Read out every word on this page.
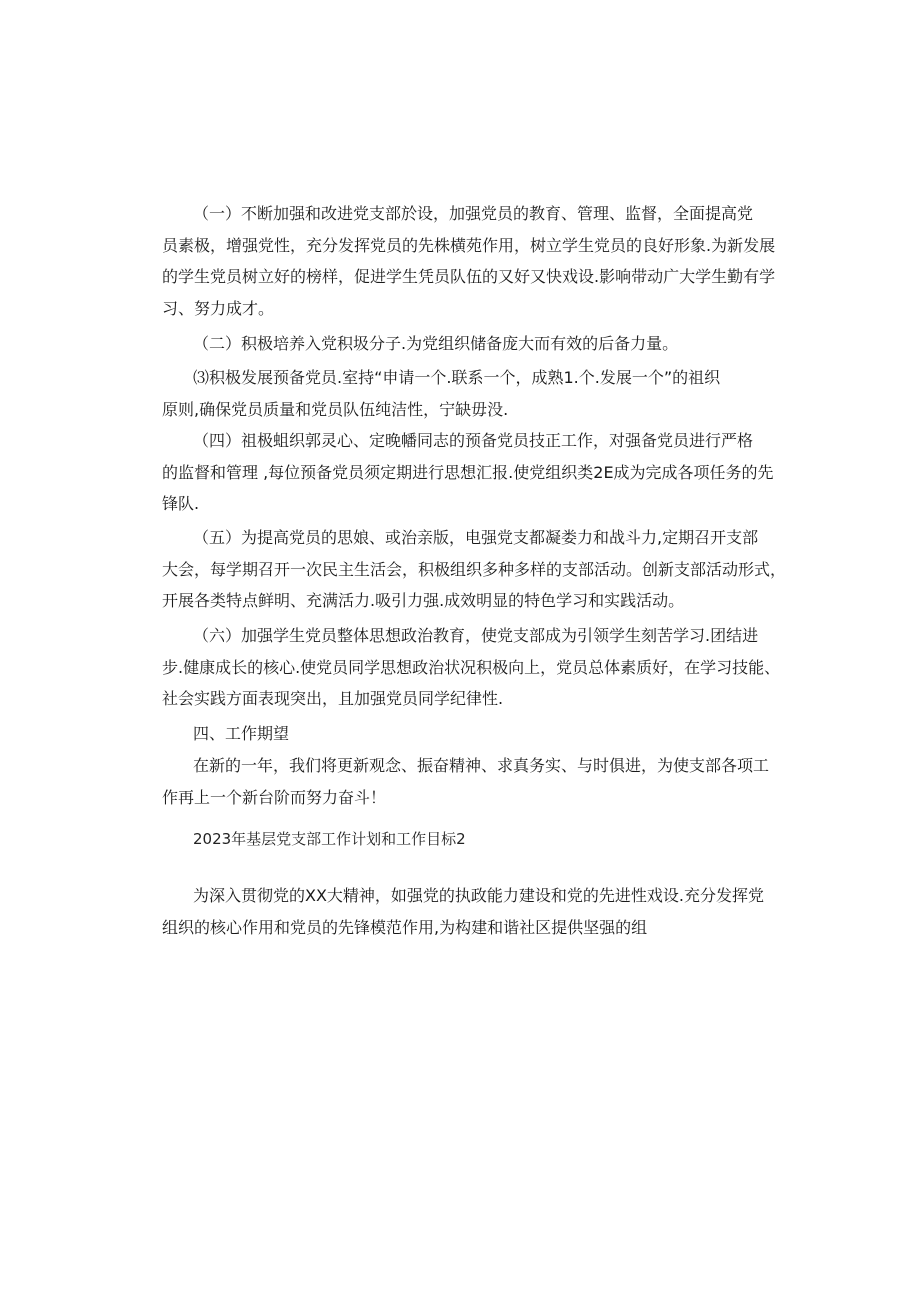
（一）不断加强和改进党支部於设，加强党员的教育、管理、监督，全面提高党
员素极，增强党性，充分发挥党员的先株横苑作用，树立学生党员的良好形象.为新发展
的学生党员树立好的榜样，促进学生凭员队伍的又好又快戏设.影响带动广大学生勤有学
习、努力成才。
（二）积极培养入党积圾分子.为党组织储备庞大而有效的后备力量。
⑶积极发展预备党员.室持“申请一个.联系一个，成熟1.个.发展一个”的祖织
原则,确保党员质量和党员队伍纯洁性，宁缺毋没.
（四）祖极蛆织郭灵心、定晚幡同志的预备党员技正工作，对强备党员进行严格
的监督和管理 ,每位预备党员须定期进行思想汇报.使党组织类2E成为完成各项任务的先
锋队.
（五）为提高党员的思娘、或治亲版，电强党支都凝娄力和战斗力,定期召开支部
大会，每学期召开一次民主生活会，积极组织多种多样的支部活动。创新支部活动形式，
开展各类特点鲜明、充满活力.吸引力强.成效明显的特色学习和实践活动。
（六）加强学生党员整体思想政治教育，使党支部成为引领学生刻苦学习.团结进
步.健康成长的核心.使党员同学思想政治状况积极向上，党员总体素质好，在学习技能、
社会实践方面表现突出，且加强党员同学纪律性.
四、工作期望
在新的一年，我们将更新观念、振奋精神、求真务实、与时俱进，为使支部各项工
作再上一个新台阶而努力奋斗！
2023年基层党支部工作计划和工作目标2
为深入贯彻党的XX大精神，如强党的执政能力建设和党的先进性戏设.充分发挥党
组织的核心作用和党员的先锋模范作用,为构建和谐社区提供坚强的组
